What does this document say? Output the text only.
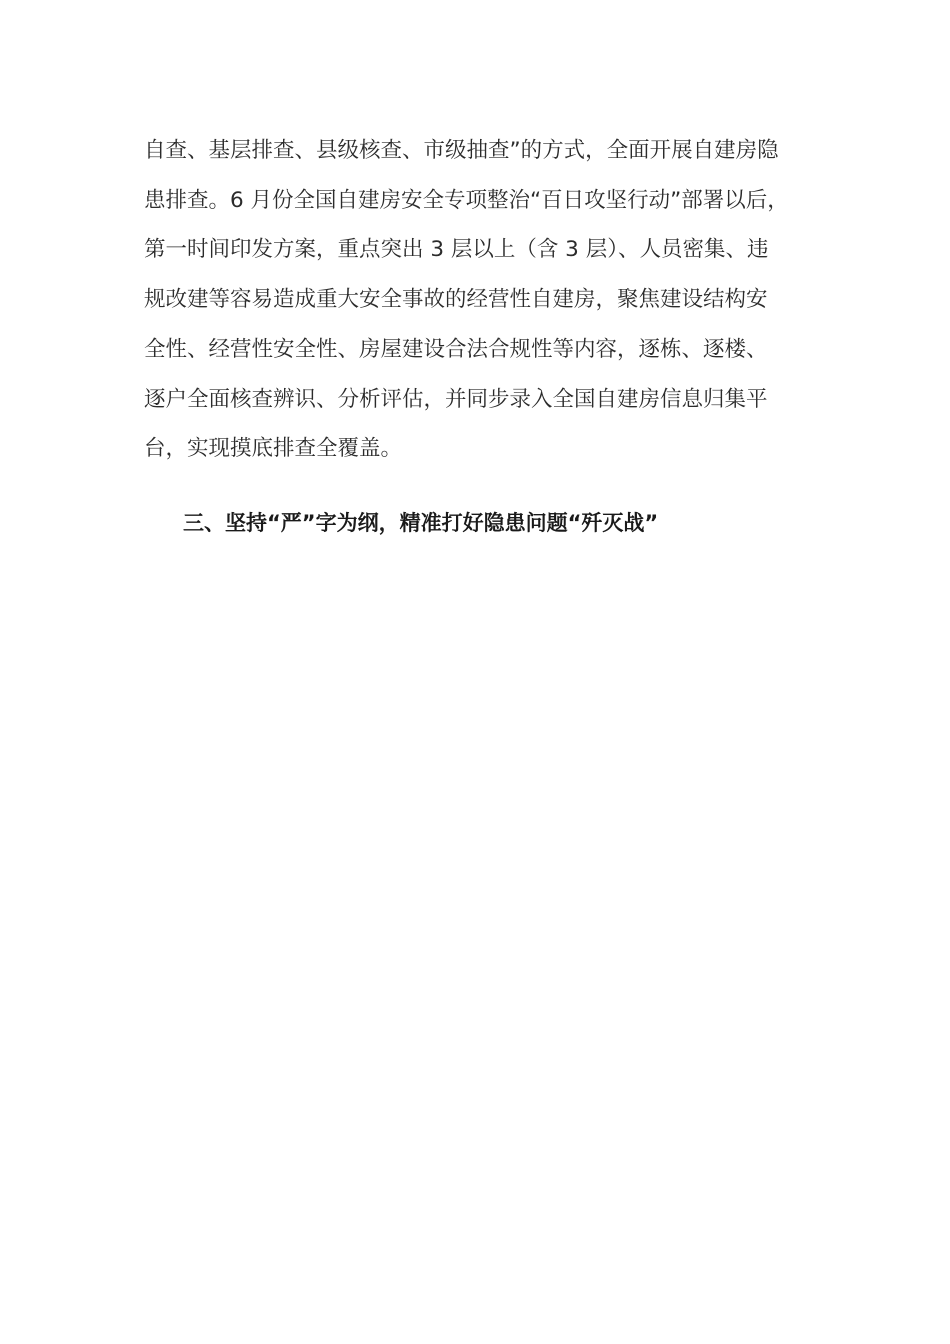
自查、基层排查、县级核查、市级抽查”的方式，全面开展自建房隐
患排查。6 月份全国自建房安全专项整治“百日攻坚行动”部署以后，
第一时间印发方案，重点突出 3 层以上（含 3 层）、人员密集、违
规改建等容易造成重大安全事故的经营性自建房，聚焦建设结构安
全性、经营性安全性、房屋建设合法合规性等内容，逐栋、逐楼、
逐户全面核查辨识、分析评估，并同步录入全国自建房信息归集平
台，实现摸底排查全覆盖。

三、坚持“严”字为纲，精准打好隐患问题“歼灭战”
